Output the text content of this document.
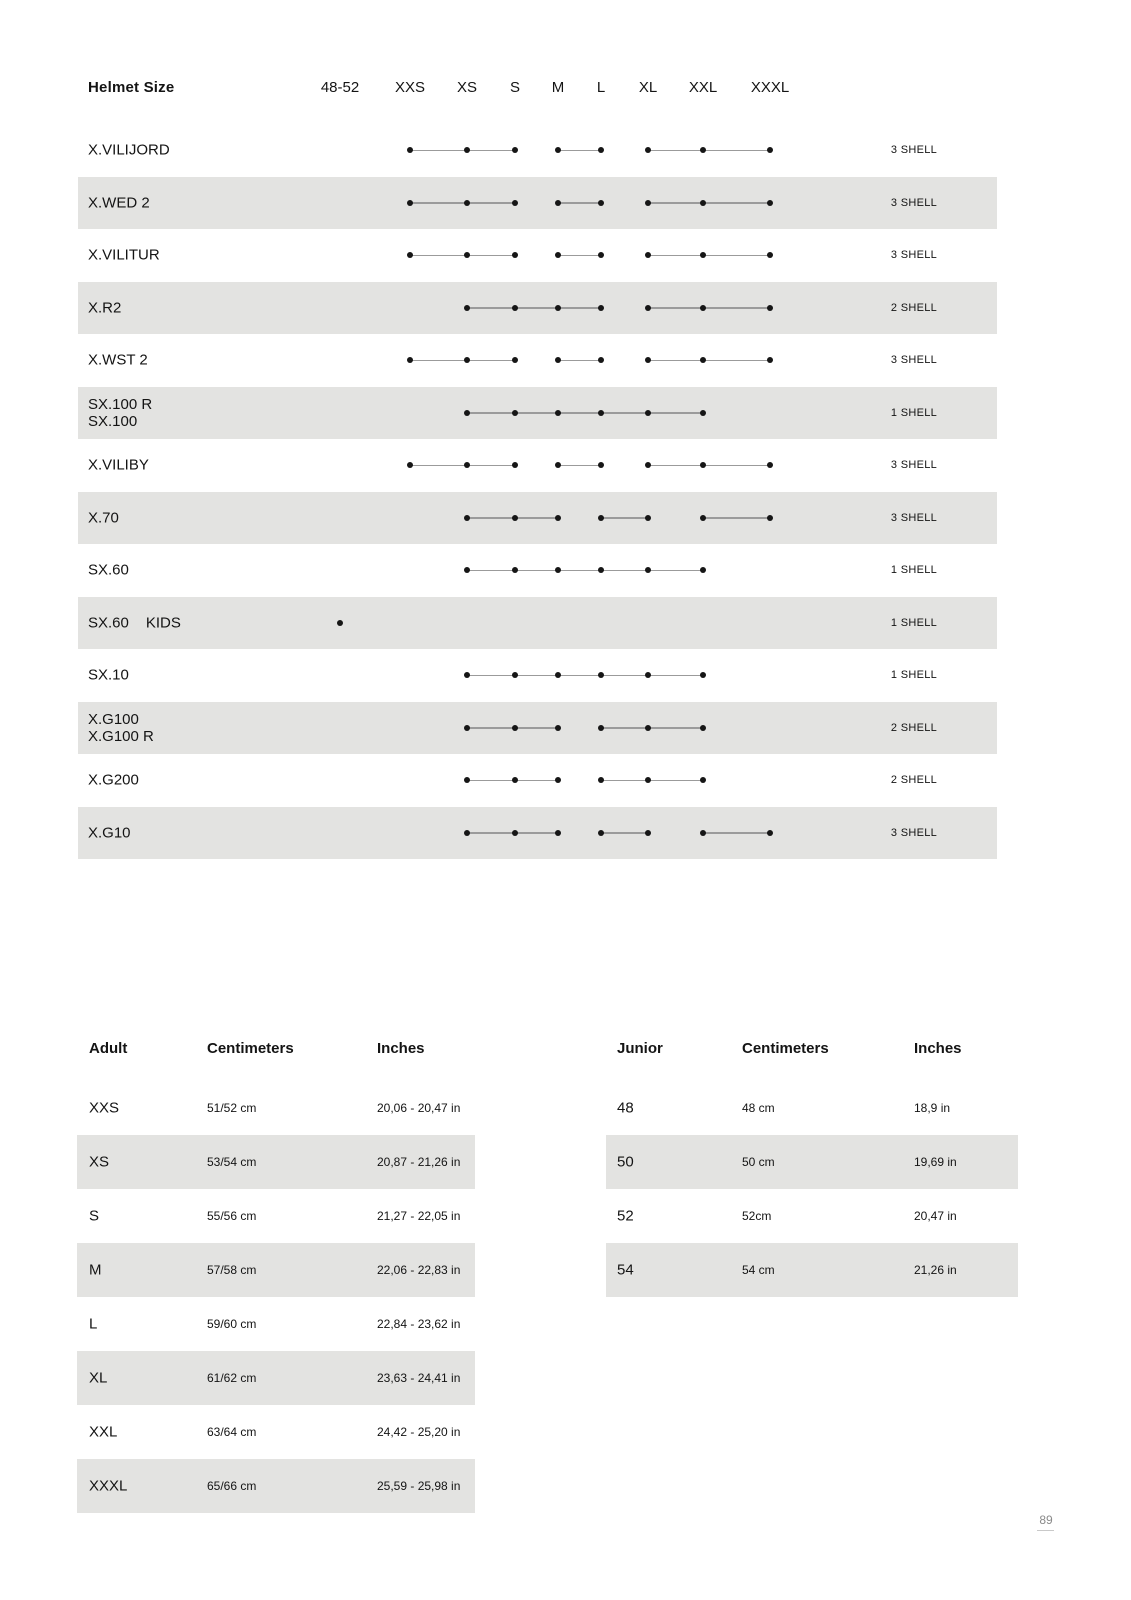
Helmet Size	48-52 XXS XS S M L XL XXL XXXL
X.VILIJORD	3 SHELL
X.WED 2	3 SHELL
X.VILITUR	3 SHELL
X.R2	2 SHELL
X.WST 2	3 SHELL
SX.100 R
SX.100	1 SHELL
X.VILIBY	3 SHELL
X.70	3 SHELL
SX.60	1 SHELL
SX.60 KIDS	1 SHELL
SX.10	1 SHELL
X.G100
X.G100 R	2 SHELL
X.G200	2 SHELL
X.G10	3 SHELL
Adult	Centimeters	Inches
XXS	51/52 cm	20,06 - 20,47 in
XS	53/54 cm	20,87 - 21,26 in
S	55/56 cm	21,27 - 22,05 in
M	57/58 cm	22,06 - 22,83 in
L	59/60 cm	22,84 - 23,62 in
XL	61/62 cm	23,63 - 24,41 in
XXL	63/64 cm	24,42 - 25,20 in
XXXL	65/66 cm	25,59 - 25,98 in
Junior	Centimeters	Inches
48	48 cm	18,9 in
50	50 cm	19,69 in
52	52cm	20,47 in
54	54 cm	21,26 in
89
